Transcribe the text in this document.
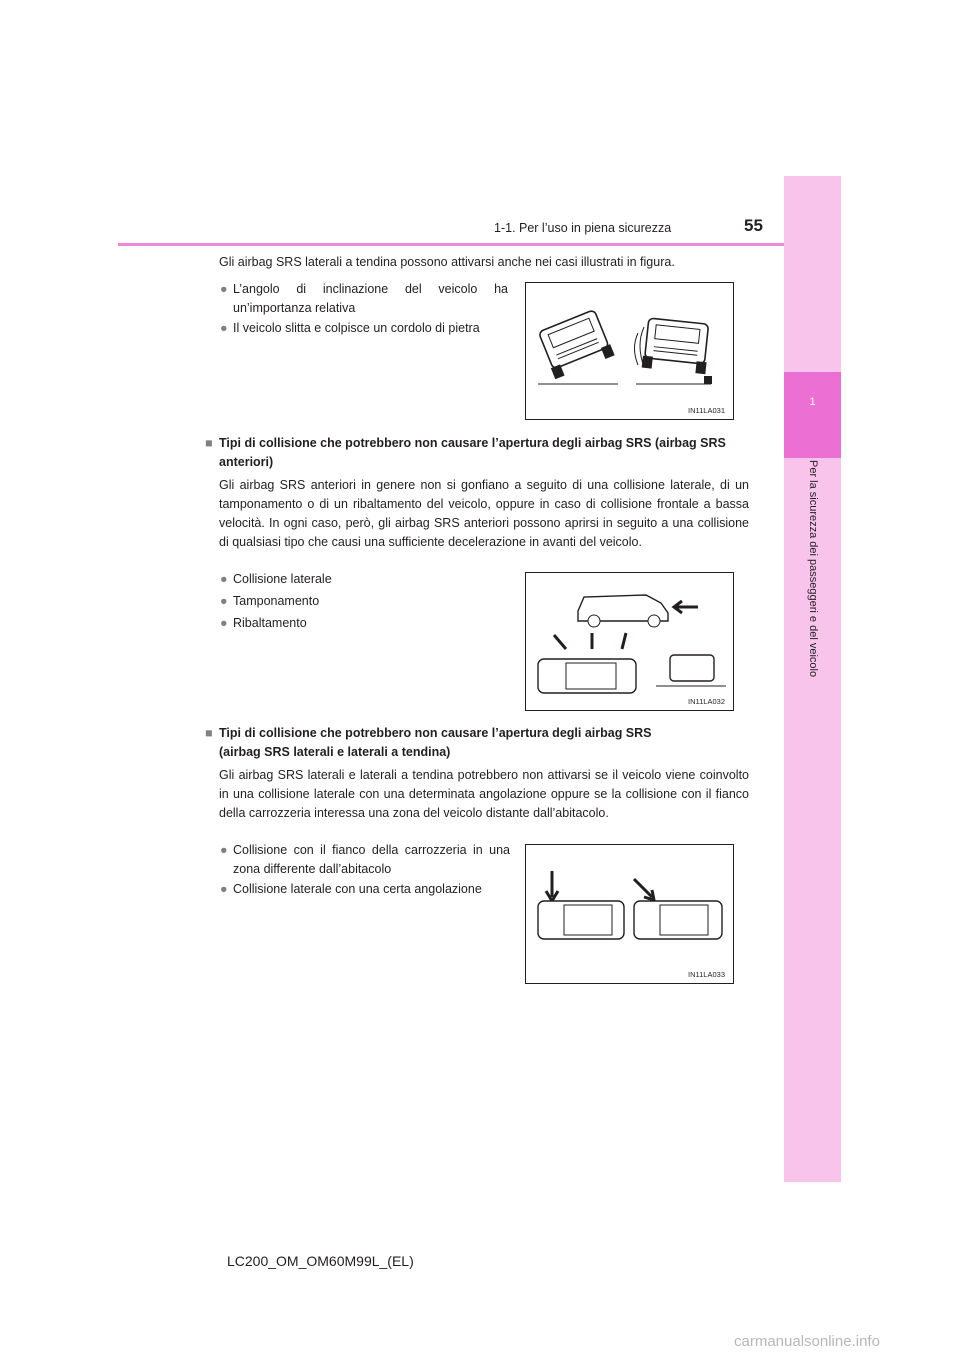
1
Per la sicurezza dei passeggeri e del veicolo
1-1. Per l’uso in piena sicurezza	55
Gli airbag SRS laterali a tendina possono attivarsi anche nei casi illustrati in figura.
● L’angolo di inclinazione del veicolo ha un’importanza relativa
● Il veicolo slitta e colpisce un cordolo di pietra
IN11LA031
■ Tipi di collisione che potrebbero non causare l’apertura degli airbag SRS (airbag SRS anteriori)
Gli airbag SRS anteriori in genere non si gonfiano a seguito di una collisione laterale, di un tamponamento o di un ribaltamento del veicolo, oppure in caso di collisione frontale a bassa velocità. In ogni caso, però, gli airbag SRS anteriori possono aprirsi in seguito a una collisione di qualsiasi tipo che causi una sufficiente decelerazione in avanti del veicolo.
● Collisione laterale
● Tamponamento
● Ribaltamento
IN11LA032
■ Tipi di collisione che potrebbero non causare l’apertura degli airbag SRS
(airbag SRS laterali e laterali a tendina)
Gli airbag SRS laterali e laterali a tendina potrebbero non attivarsi se il veicolo viene coinvolto in una collisione laterale con una determinata angolazione oppure se la collisione con il fianco della carrozzeria interessa una zona del veicolo distante dall’abitacolo.
● Collisione con il fianco della carrozzeria in una zona differente dall’abitacolo
● Collisione laterale con una certa angolazione
IN11LA033
LC200_OM_OM60M99L_(EL)
carmanualsonline.info
